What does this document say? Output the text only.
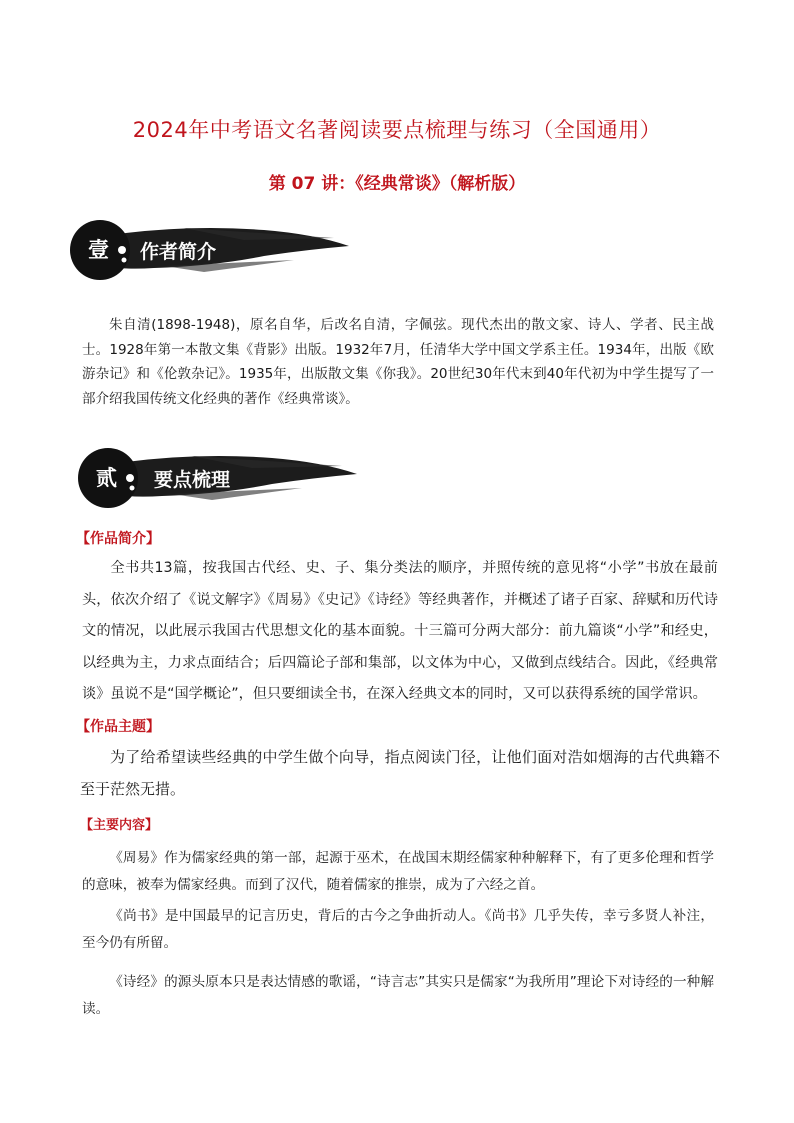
2024年中考语文名著阅读要点梳理与练习（全国通用）
第 07 讲：《经典常谈》（解析版）
壹 作者简介

朱自清(1898-1948)，原名自华，后改名自清，字佩弦。现代杰出的散文家、诗人、学者、民主战士。1928年第一本散文集《背影》出版。1932年7月，任清华大学中国文学系主任。1934年，出版《欧游杂记》和《伦敦杂记》。1935年，出版散文集《你我》。20世纪30年代末到40年代初为中学生提写了一部介绍我国传统文化经典的著作《经典常谈》。

贰 要点梳理
【作品简介】

全书共13篇，按我国古代经、史、子、集分类法的顺序，并照传统的意见将“小学”书放在最前头，依次介绍了《说文解字》《周易》《史记》《诗经》等经典著作，并概述了诸子百家、辞赋和历代诗文的情况，以此展示我国古代思想文化的基本面貌。十三篇可分两大部分：前九篇谈“小学”和经史，以经典为主，力求点面结合；后四篇论子部和集部，以文体为中心，又做到点线结合。因此，《经典常谈》虽说不是“国学概论”，但只要细读全书，在深入经典文本的同时，又可以获得系统的国学常识。

【作品主题】

为了给希望读些经典的中学生做个向导，指点阅读门径，让他们面对浩如烟海的古代典籍不至于茫然无措。

【主要内容】

《周易》作为儒家经典的第一部，起源于巫术，在战国末期经儒家种种解释下，有了更多伦理和哲学的意味，被奉为儒家经典。而到了汉代，随着儒家的推崇，成为了六经之首。

《尚书》是中国最早的记言历史，背后的古今之争曲折动人。《尚书》几乎失传，幸亏多贤人补注，至今仍有所留。

《诗经》的源头原本只是表达情感的歌谣，“诗言志”其实只是儒家“为我所用”理论下对诗经的一种解读。
